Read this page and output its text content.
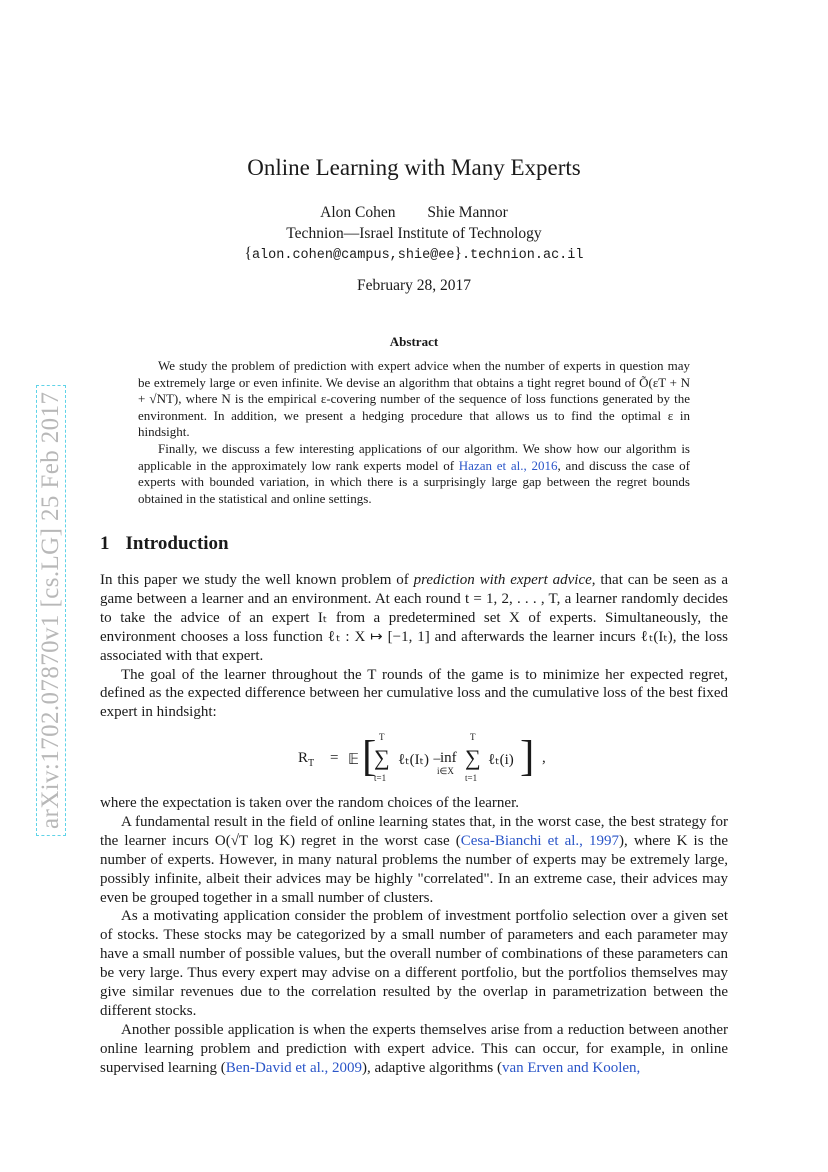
arXiv:1702.07870v1 [cs.LG] 25 Feb 2017
Online Learning with Many Experts
Alon Cohen Shie Mannor
Technion—Israel Institute of Technology
{alon.cohen@campus,shie@ee}.technion.ac.il
February 28, 2017
Abstract

We study the problem of prediction with expert advice when the number of experts in question may be extremely large or even infinite. We devise an algorithm that obtains a tight regret bound of Õ(εT + N + √NT), where N is the empirical ε-covering number of the sequence of loss functions generated by the environment. In addition, we present a hedging procedure that allows us to find the optimal ε in hindsight.

Finally, we discuss a few interesting applications of our algorithm. We show how our algorithm is applicable in the approximately low rank experts model of Hazan et al., 2016, and discuss the case of experts with bounded variation, in which there is a surprisingly large gap between the regret bounds obtained in the statistical and online settings.

1 Introduction

In this paper we study the well known problem of prediction with expert advice, that can be seen as a game between a learner and an environment. At each round t = 1, 2, . . . , T, a learner randomly decides to take the advice of an expert Iₜ from a predetermined set X of experts. Simultaneously, the environment chooses a loss function ℓₜ : X ↦ [−1, 1] and afterwards the learner incurs ℓₜ(Iₜ), the loss associated with that expert.

The goal of the learner throughout the T rounds of the game is to minimize her expected regret, defined as the expected difference between her cumulative loss and the cumulative loss of the best fixed expert in hindsight:

$R_T$ = 𝔼 [ T
∑
t=1
ℓₜ(Iₜ) −
inf
i∈X
T
∑
t=1
ℓₜ(i) ] ,

where the expectation is taken over the random choices of the learner.

A fundamental result in the field of online learning states that, in the worst case, the best strategy for the learner incurs O(√T log K) regret in the worst case (Cesa-Bianchi et al., 1997), where K is the number of experts. However, in many natural problems the number of experts may be extremely large, possibly infinite, albeit their advices may be highly "correlated". In an extreme case, their advices may even be grouped together in a small number of clusters.

As a motivating application consider the problem of investment portfolio selection over a given set of stocks. These stocks may be categorized by a small number of parameters and each parameter may have a small number of possible values, but the overall number of combinations of these parameters can be very large. Thus every expert may advise on a different portfolio, but the portfolios themselves may give similar revenues due to the correlation resulted by the overlap in parametrization between the different stocks.

Another possible application is when the experts themselves arise from a reduction between another online learning problem and prediction with expert advice. This can occur, for example, in online supervised learning (Ben-David et al., 2009), adaptive algorithms (van Erven and Koolen,
